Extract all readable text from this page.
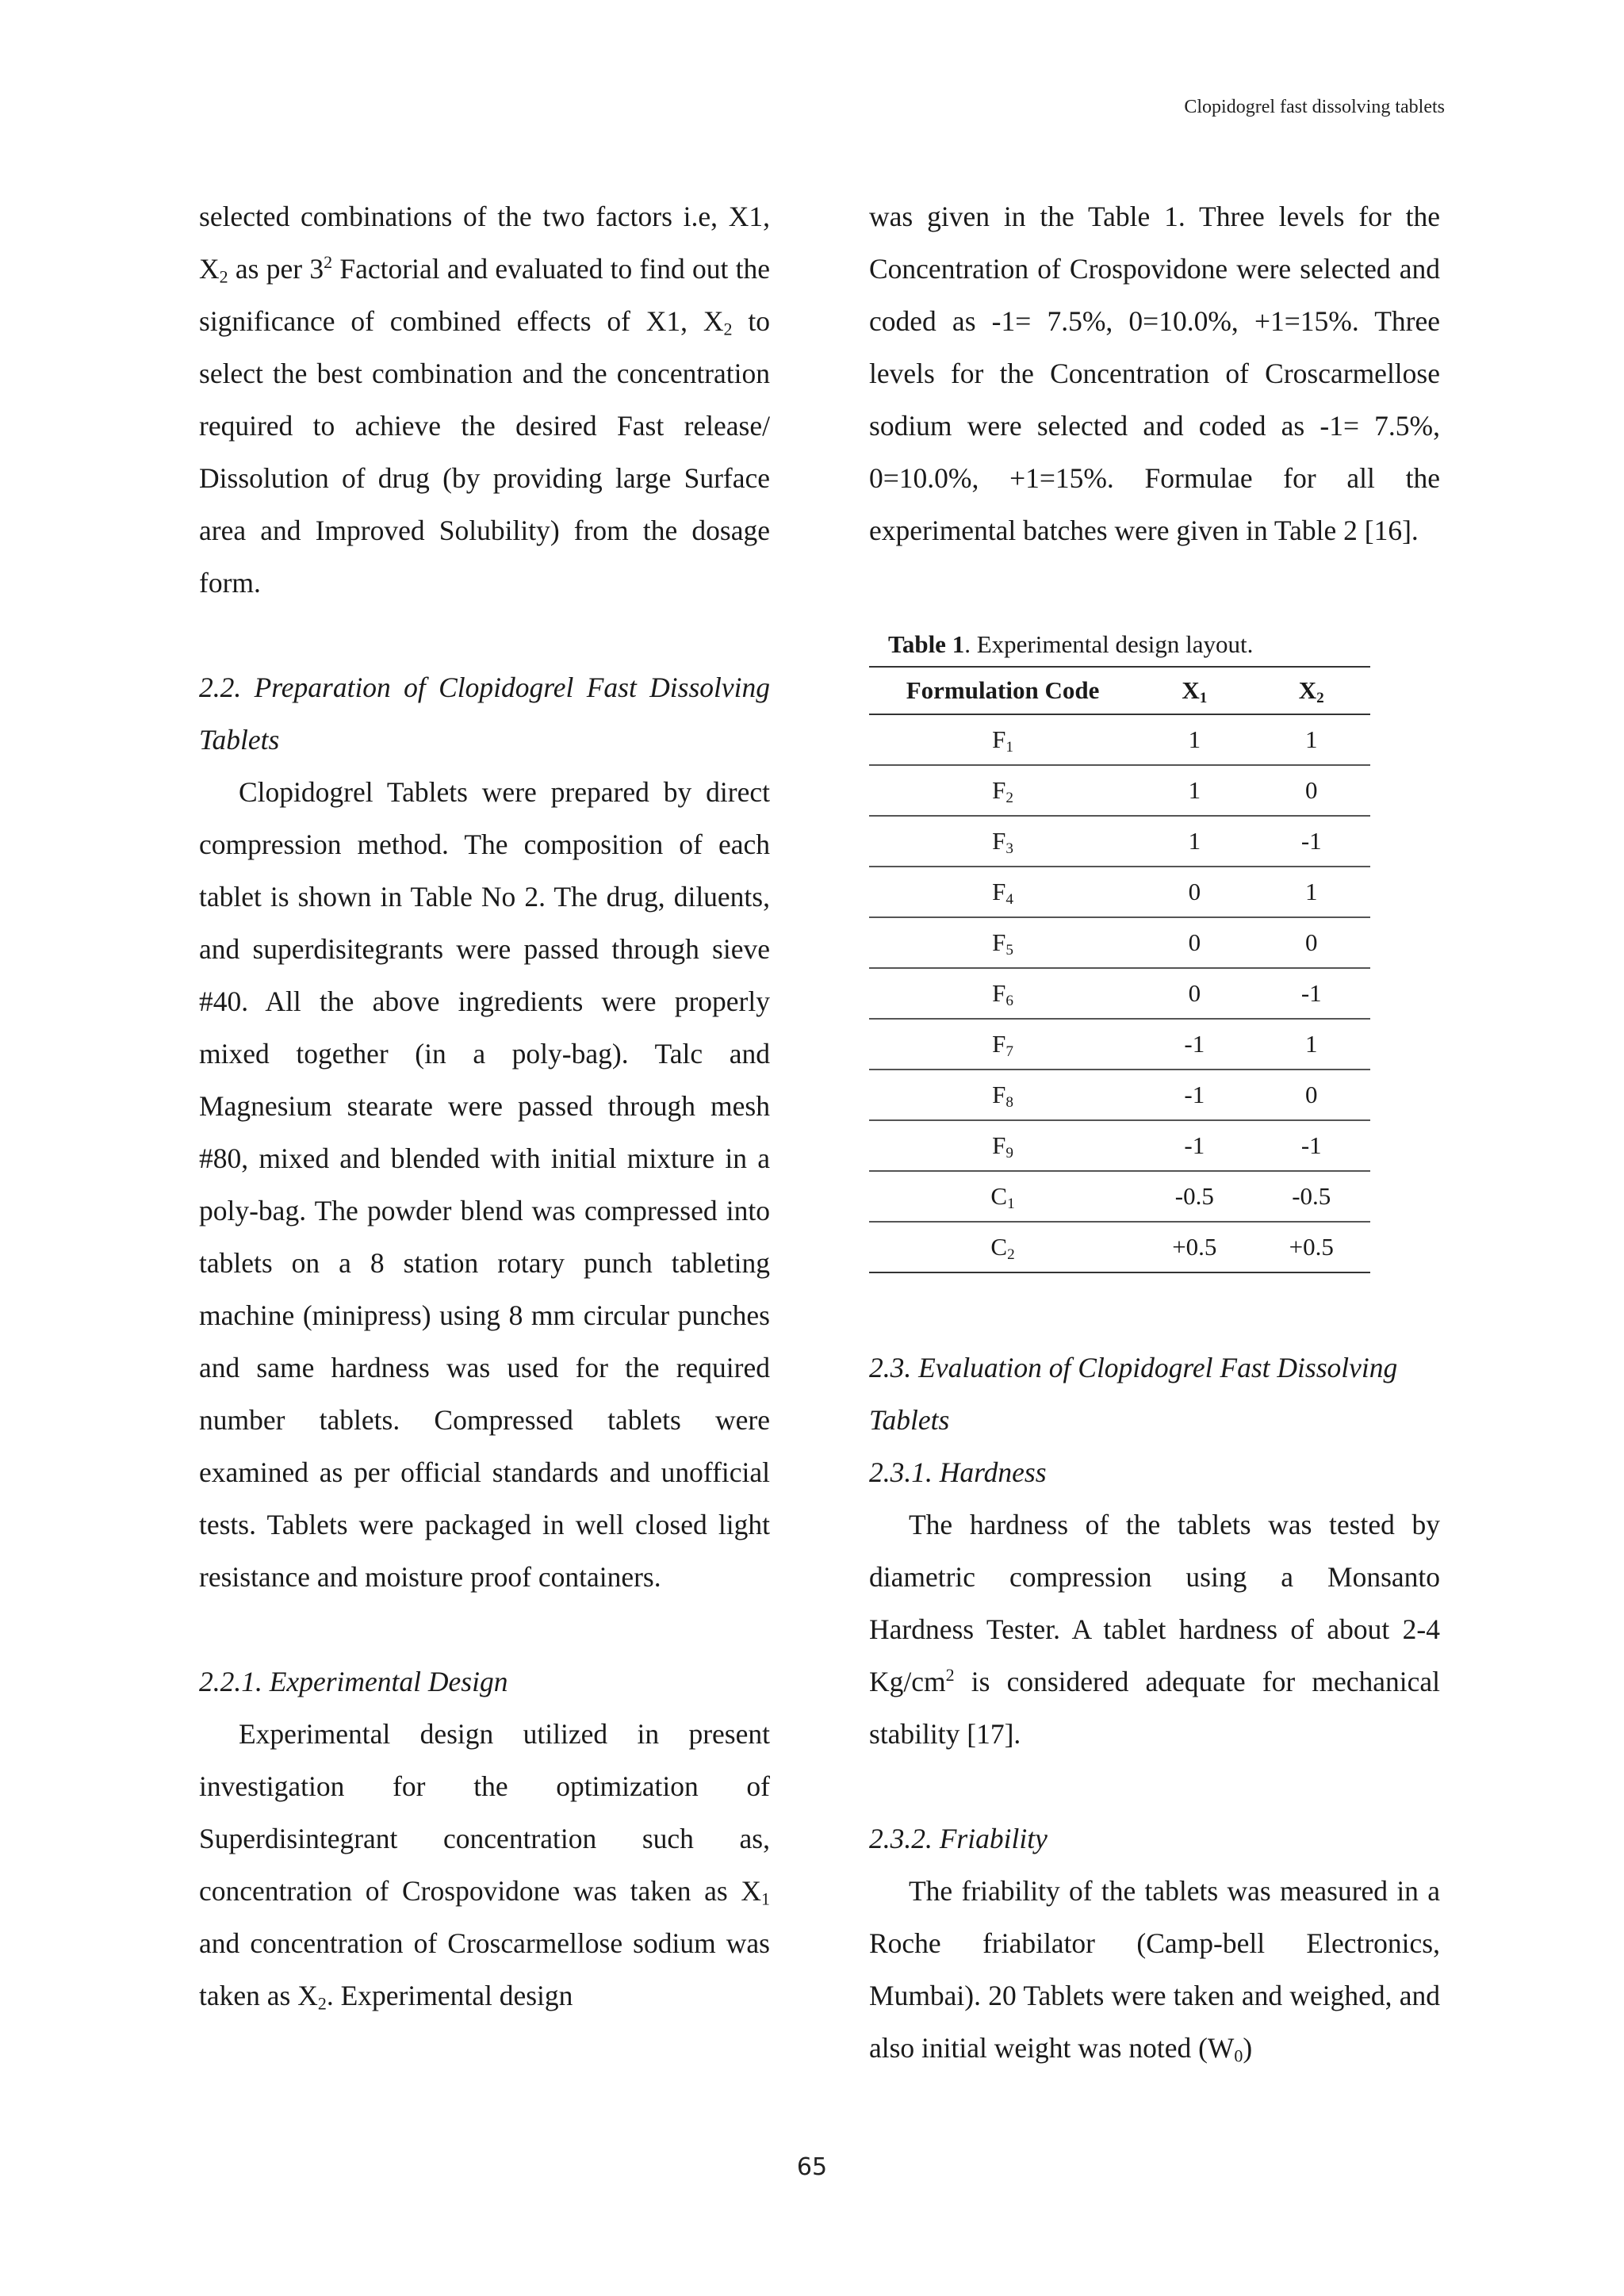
Clopidogrel fast dissolving tablets

selected combinations of the two factors i.e, X1, $X_2$ as per $3^2$ Factorial and evaluated to find out the significance of combined effects of X1, $X_2$ to select the best combination and the concentration required to achieve the desired Fast release/ Dissolution of drug (by providing large Surface area and Improved Solubility) from the dosage form.

2.2. Preparation of Clopidogrel Fast Dissolving Tablets

Clopidogrel Tablets were prepared by direct compression method. The composition of each tablet is shown in Table No 2. The drug, diluents, and superdisitegrants were passed through sieve #40. All the above ingredients were properly mixed together (in a poly-bag). Talc and Magnesium stearate were passed through mesh #80, mixed and blended with initial mixture in a poly-bag. The powder blend was compressed into tablets on a 8 station rotary punch tableting machine (minipress) using 8 mm circular punches and same hardness was used for the required number tablets. Compressed tablets were examined as per official standards and unofficial tests. Tablets were packaged in well closed light resistance and moisture proof containers.

2.2.1. Experimental Design

Experimental design utilized in present investigation for the optimization of Superdisintegrant concentration such as, concentration of Crospovidone was taken as $X_1$ and concentration of Croscarmellose sodium was taken as $X_2$. Experimental design

was given in the Table 1. Three levels for the Concentration of Crospovidone were selected and coded as -1= 7.5%, 0=10.0%, +1=15%. Three levels for the Concentration of Croscarmellose sodium were selected and coded as -1= 7.5%, 0=10.0%, +1=15%. Formulae for all the experimental batches were given in Table 2 [16].

Table 1. Experimental design layout.

Formulation Code	$X_1$	$X_2$
$F_1$	1	1
$F_2$	1	0
$F_3$	1	-1
$F_4$	0	1
$F_5$	0	0
$F_6$	0	-1
$F_7$	-1	1
$F_8$	-1	0
$F_9$	-1	-1
$C_1$	-0.5	-0.5
$C_2$	+0.5	+0.5

2.3. Evaluation of Clopidogrel Fast Dissolving Tablets

2.3.1. Hardness

The hardness of the tablets was tested by diametric compression using a Monsanto Hardness Tester. A tablet hardness of about 2-4 $Kg/cm^2$ is considered adequate for mechanical stability [17].

2.3.2. Friability

The friability of the tablets was measured in a Roche friabilator (Camp-bell Electronics, Mumbai). 20 Tablets were taken and weighed, and also initial weight was noted $(W_0)$

65
